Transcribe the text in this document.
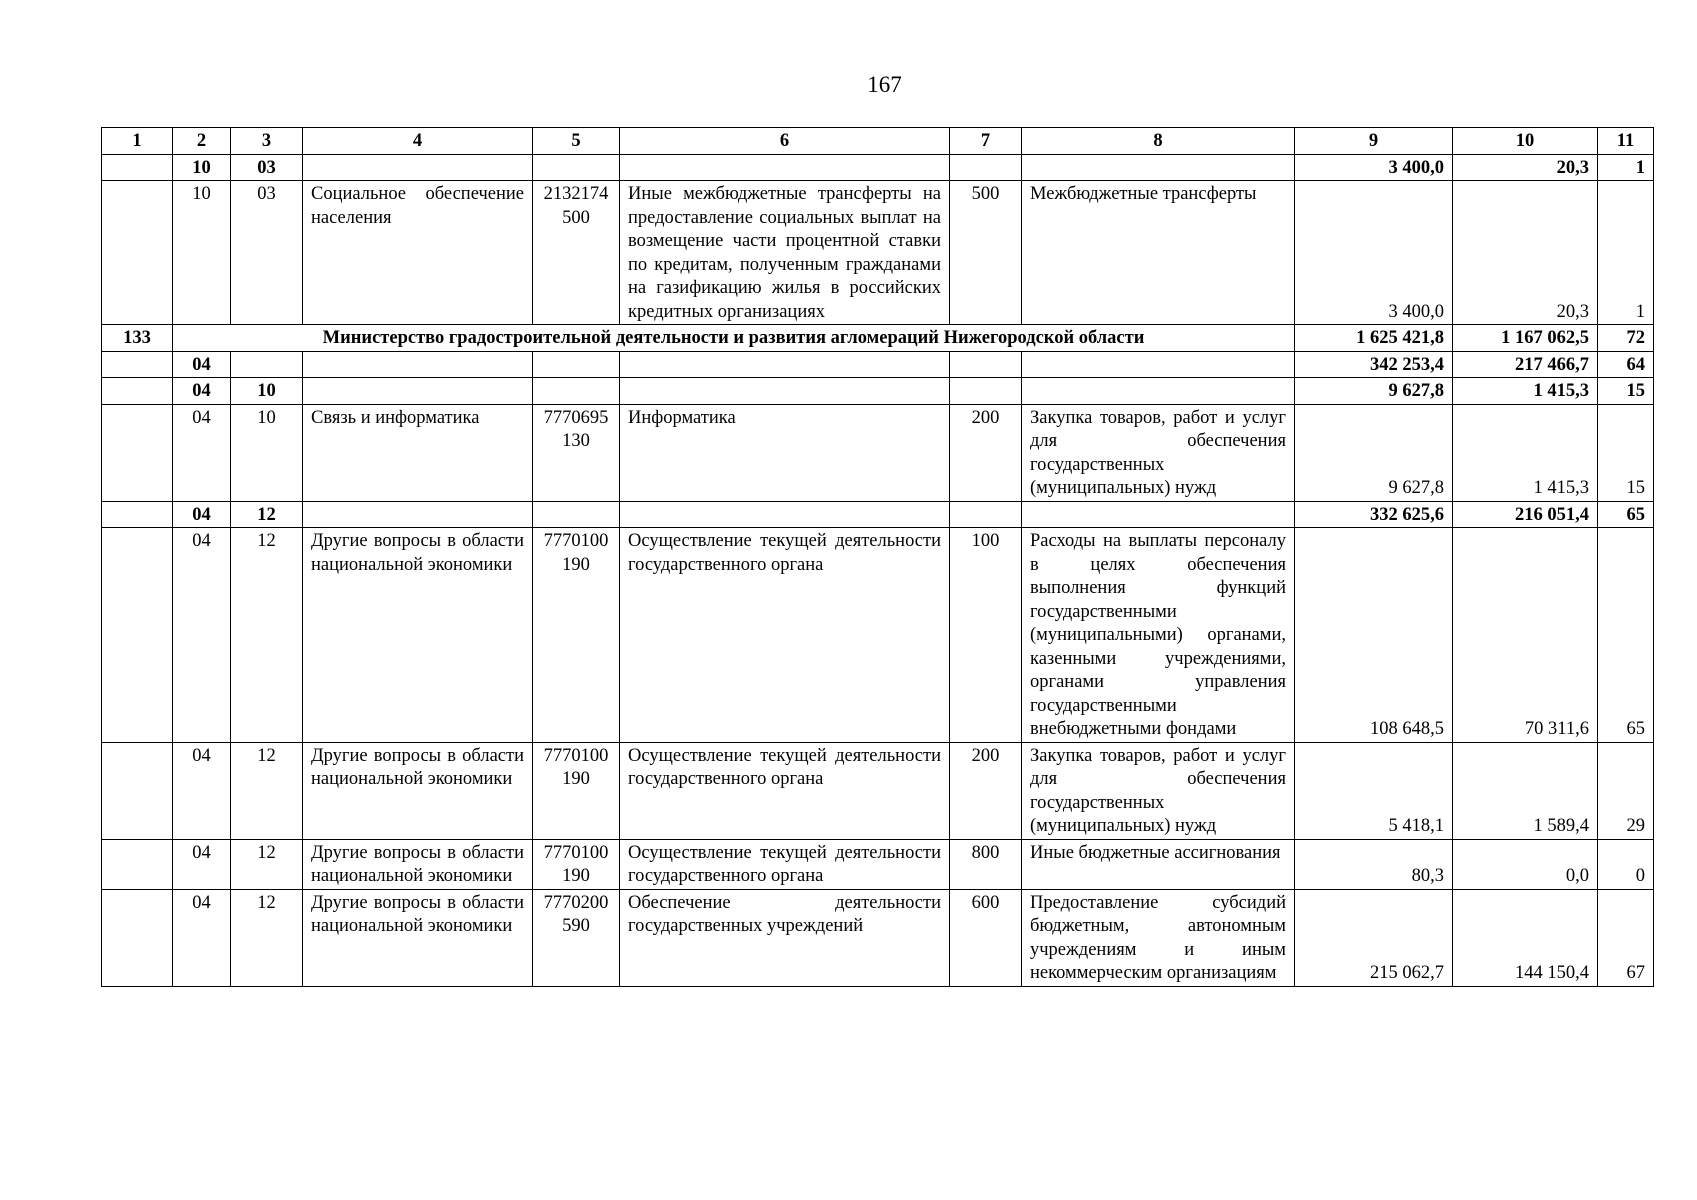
167
1	2	3	4	5	6	7	8	9	10	11
	10	03						3 400,0	20,3	1
	10	03	Социальное обеспечение населения	2132174500	Иные межбюджетные трансферты на предоставление социальных выплат на возмещение части процентной ставки по кредитам, полученным гражданами на газификацию жилья в российских кредитных организациях	500	Межбюджетные трансферты	3 400,0	20,3	1
133	Министерство градостроительной деятельности и развития агломераций Нижегородской области							1 625 421,8	1 167 062,5	72
	04							342 253,4	217 466,7	64
	04	10						9 627,8	1 415,3	15
	04	10	Связь и информатика	7770695130	Информатика	200	Закупка товаров, работ и услуг для обеспечения государственных (муниципальных) нужд	9 627,8	1 415,3	15
	04	12						332 625,6	216 051,4	65
	04	12	Другие вопросы в области национальной экономики	7770100190	Осуществление текущей деятельности государственного органа	100	Расходы на выплаты персоналу в целях обеспечения выполнения функций государственными (муниципальными) органами, казенными учреждениями, органами управления государственными внебюджетными фондами	108 648,5	70 311,6	65
	04	12	Другие вопросы в области национальной экономики	7770100190	Осуществление текущей деятельности государственного органа	200	Закупка товаров, работ и услуг для обеспечения государственных (муниципальных) нужд	5 418,1	1 589,4	29
	04	12	Другие вопросы в области национальной экономики	7770100190	Осуществление текущей деятельности государственного органа	800	Иные бюджетные ассигнования	80,3	0,0	0
	04	12	Другие вопросы в области национальной экономики	7770200590	Обеспечение деятельности государственных учреждений	600	Предоставление субсидий бюджетным, автономным учреждениям и иным некоммерческим организациям	215 062,7	144 150,4	67
